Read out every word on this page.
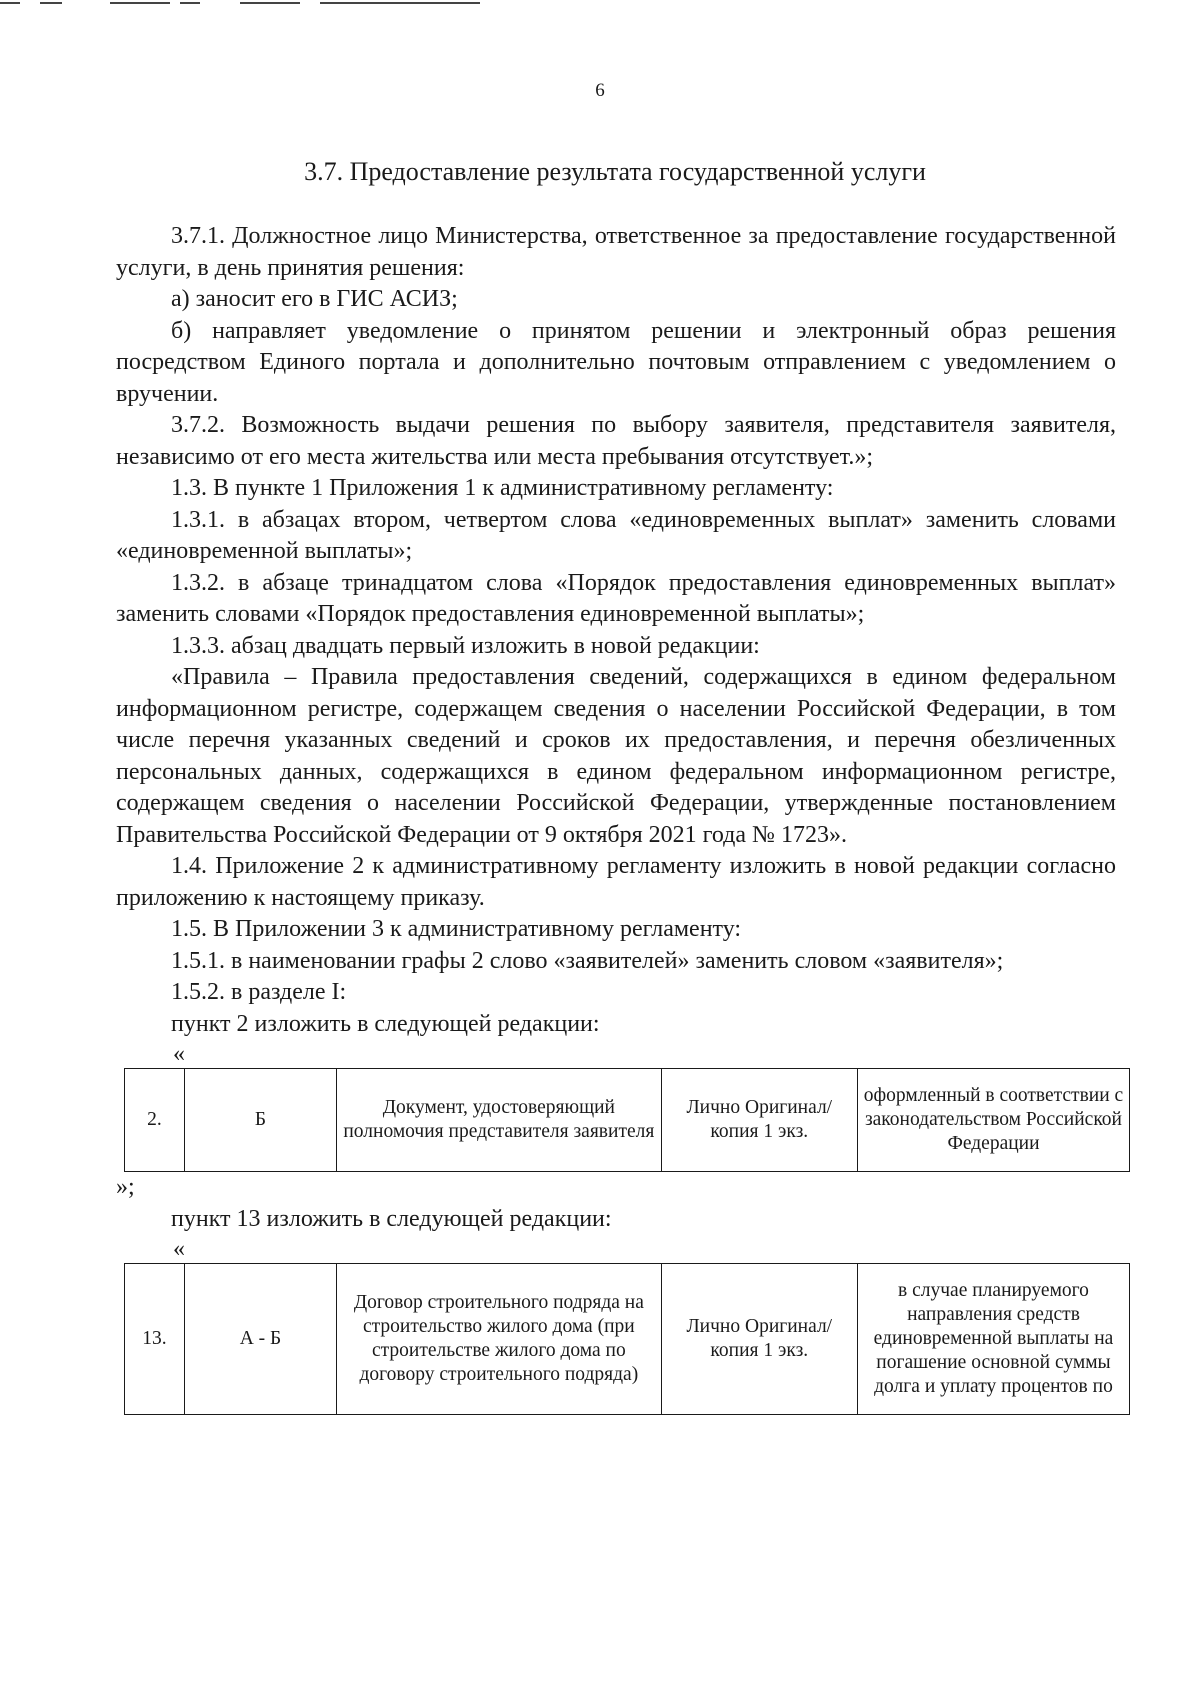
6
3.7. Предоставление результата государственной услуги

3.7.1. Должностное лицо Министерства, ответственное за предоставление государственной услуги, в день принятия решения:

а) заносит его в ГИС АСИЗ;

б) направляет уведомление о принятом решении и электронный образ решения посредством Единого портала и дополнительно почтовым отправлением с уведомлением о вручении.

3.7.2. Возможность выдачи решения по выбору заявителя, представителя заявителя, независимо от его места жительства или места пребывания отсутствует.»;

1.3. В пункте 1 Приложения 1 к административному регламенту:

1.3.1. в абзацах втором, четвертом слова «единовременных выплат» заменить словами «единовременной выплаты»;

1.3.2. в абзаце тринадцатом слова «Порядок предоставления единовременных выплат» заменить словами «Порядок предоставления единовременной выплаты»;

1.3.3. абзац двадцать первый изложить в новой редакции:

«Правила – Правила предоставления сведений, содержащихся в едином федеральном информационном регистре, содержащем сведения о населении Российской Федерации, в том числе перечня указанных сведений и сроков их предоставления, и перечня обезличенных персональных данных, содержащихся в едином федеральном информационном регистре, содержащем сведения о населении Российской Федерации, утвержденные постановлением Правительства Российской Федерации от 9 октября 2021 года № 1723».

1.4. Приложение 2 к административному регламенту изложить в новой редакции согласно приложению к настоящему приказу.

1.5. В Приложении 3 к административному регламенту:

1.5.1. в наименовании графы 2 слово «заявителей» заменить словом «заявителя»;

1.5.2. в разделе I:

пункт 2 изложить в следующей редакции:

«

2.	Б	Документ, удостоверяющий полномочия представителя заявителя	Лично Оригинал/копия 1 экз.	оформленный в соответствии с законодательством Российской Федерации

»;

пункт 13 изложить в следующей редакции:

«

13.	А - Б	Договор строительного подряда на строительство жилого дома (при строительстве жилого дома по договору строительного подряда)	Лично Оригинал/копия 1 экз.	в случае планируемого направления средств единовременной выплаты на погашение основной суммы долга и уплату процентов по
